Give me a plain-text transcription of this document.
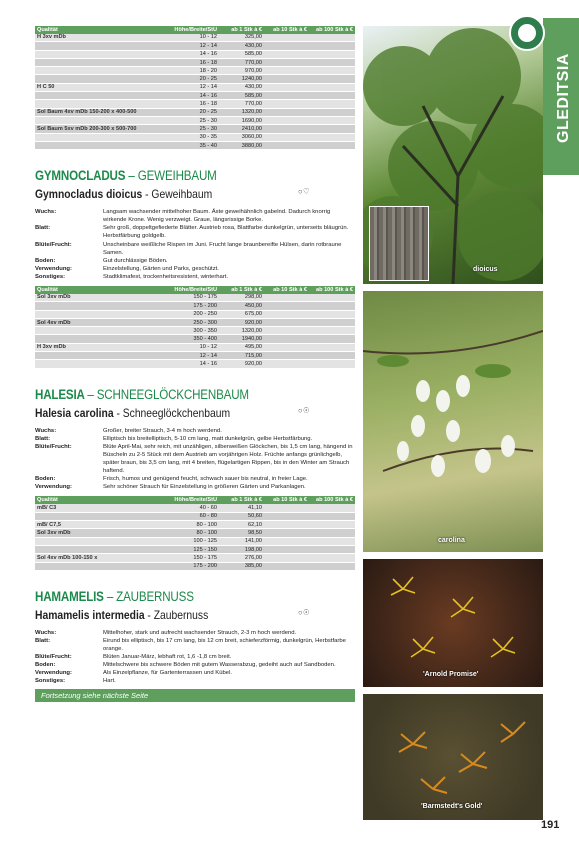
Qualität	Höhe/Breite/StU	ab 1 Stk à €	ab 10 Stk à €	ab 100 Stk à €
H 3xv mDb	10 - 12	325,00		
	12 - 14	430,00		
	14 - 16	585,00		
	16 - 18	770,00		
	18 - 20	970,00		
	20 - 25	1240,00		
H C 50	12 - 14	430,00		
	14 - 16	585,00		
	16 - 18	770,00		
Sol Baum 4xv mDb 150-200 x 400-500	20 - 25	1320,00		
	25 - 30	1690,00		
Sol Baum 5xv mDb 200-300 x 500-700	25 - 30	2410,00		
	30 - 35	3060,00		
	35 - 40	3880,00		
GYMNOCLADUS – GEWEIHBAUM
Gymnocladus dioicus - Geweihbaum	○♡
Wuchs:	Langsam wachsender mittelhoher Baum. Äste geweihähnlich gabelnd. Dadurch knorrig wirkende Krone. Wenig verzweigt. Graue, längsrissige Borke.
Blatt:	Sehr groß, doppeltgefiederte Blätter. Austrieb rosa, Blattfarbe dunkelgrün, unterseits bläugrün. Herbstfärbung goldgelb.
Blüte/Frucht:	Unscheinbare weißliche Rispen im Juni. Frucht lange braunbereifte Hülsen, darin rotbraune Samen.
Boden:	Gut durchlässige Böden.
Verwendung:	Einzelstellung, Gärten und Parks, geschützt.
Sonstiges:	Stadtklimafest, trockenheitsresistent, winterhart.
Qualität	Höhe/Breite/StU	ab 1 Stk à €	ab 10 Stk à €	ab 100 Stk à €
Sol 3xv mDb	150 - 175	298,00		
	175 - 200	450,00		
	200 - 250	675,00		
Sol 4xv mDb	250 - 300	920,00		
	300 - 350	1320,00		
	350 - 400	1940,00		
H 3xv mDb	10 - 12	495,00		
	12 - 14	715,00		
	14 - 16	920,00		
HALESIA – SCHNEEGLÖCKCHENBAUM
Halesia carolina - Schneeglöckchenbaum	○☉
Wuchs:	Großer, breiter Strauch, 3-4 m hoch werdend.
Blatt:	Elliptisch bis breitelliptisch, 5-10 cm lang, matt dunkelgrün, gelbe Herbstfärbung.
Blüte/Frucht:	Blüte April-Mai, sehr reich, mit unzähligen, silberweißen Glöckchen, bis 1,5 cm lang, hängend in Büscheln zu 2-5 Stück mit dem Austrieb am vorjährigen Holz. Früchte anfangs grünlichgelb, später braun, bis 3,5 cm lang, mit 4 breiten, flügelartigen Rippen, bis in den Winter am Strauch haftend.
Boden:	Frisch, humos und genügend feucht, schwach sauer bis neutral, in freier Lage.
Verwendung:	Sehr schöner Strauch für Einzelstellung in größeren Gärten und Parkanlagen.
Qualität	Höhe/Breite/StU	ab 1 Stk à €	ab 10 Stk à €	ab 100 Stk à €
mB/ C3	40 - 60	41,10		
	60 - 80	50,60		
mB/ C7,5	80 - 100	62,10		
Sol 3xv mDb	80 - 100	98,50		
	100 - 125	141,00		
	125 - 150	198,00		
Sol 4xv mDb 100-150 x	150 - 175	276,00		
	175 - 200	385,00		
HAMAMELIS – ZAUBERNUSS
Hamamelis intermedia - Zaubernuss	○☉
Wuchs:	Mittelhoher, stark und aufrecht wachsender Strauch, 2-3 m hoch werdend.
Blatt:	Eirund bis elliptisch, bis 17 cm lang, bis 12 cm breit, schieferzförmig, dunkelgrün, Herbstfarbe orange.
Blüte/Frucht:	Blüten Januar-März, lebhaft rot, 1,6 -1,8 cm breit.
Boden:	Mittelschwere bis schwere Böden mit gutem Wasserabzug, gedeiht auch auf Sandboden.
Verwendung:	Als Einzelpflanze, für Gartenterrassen und Kübel.
Sonstiges:	Hart.
Fortsetzung siehe nächste Seite
dioicus
carolina
'Arnold Promise'
'Barmstedt's Gold'
GLEDITSIA
191
